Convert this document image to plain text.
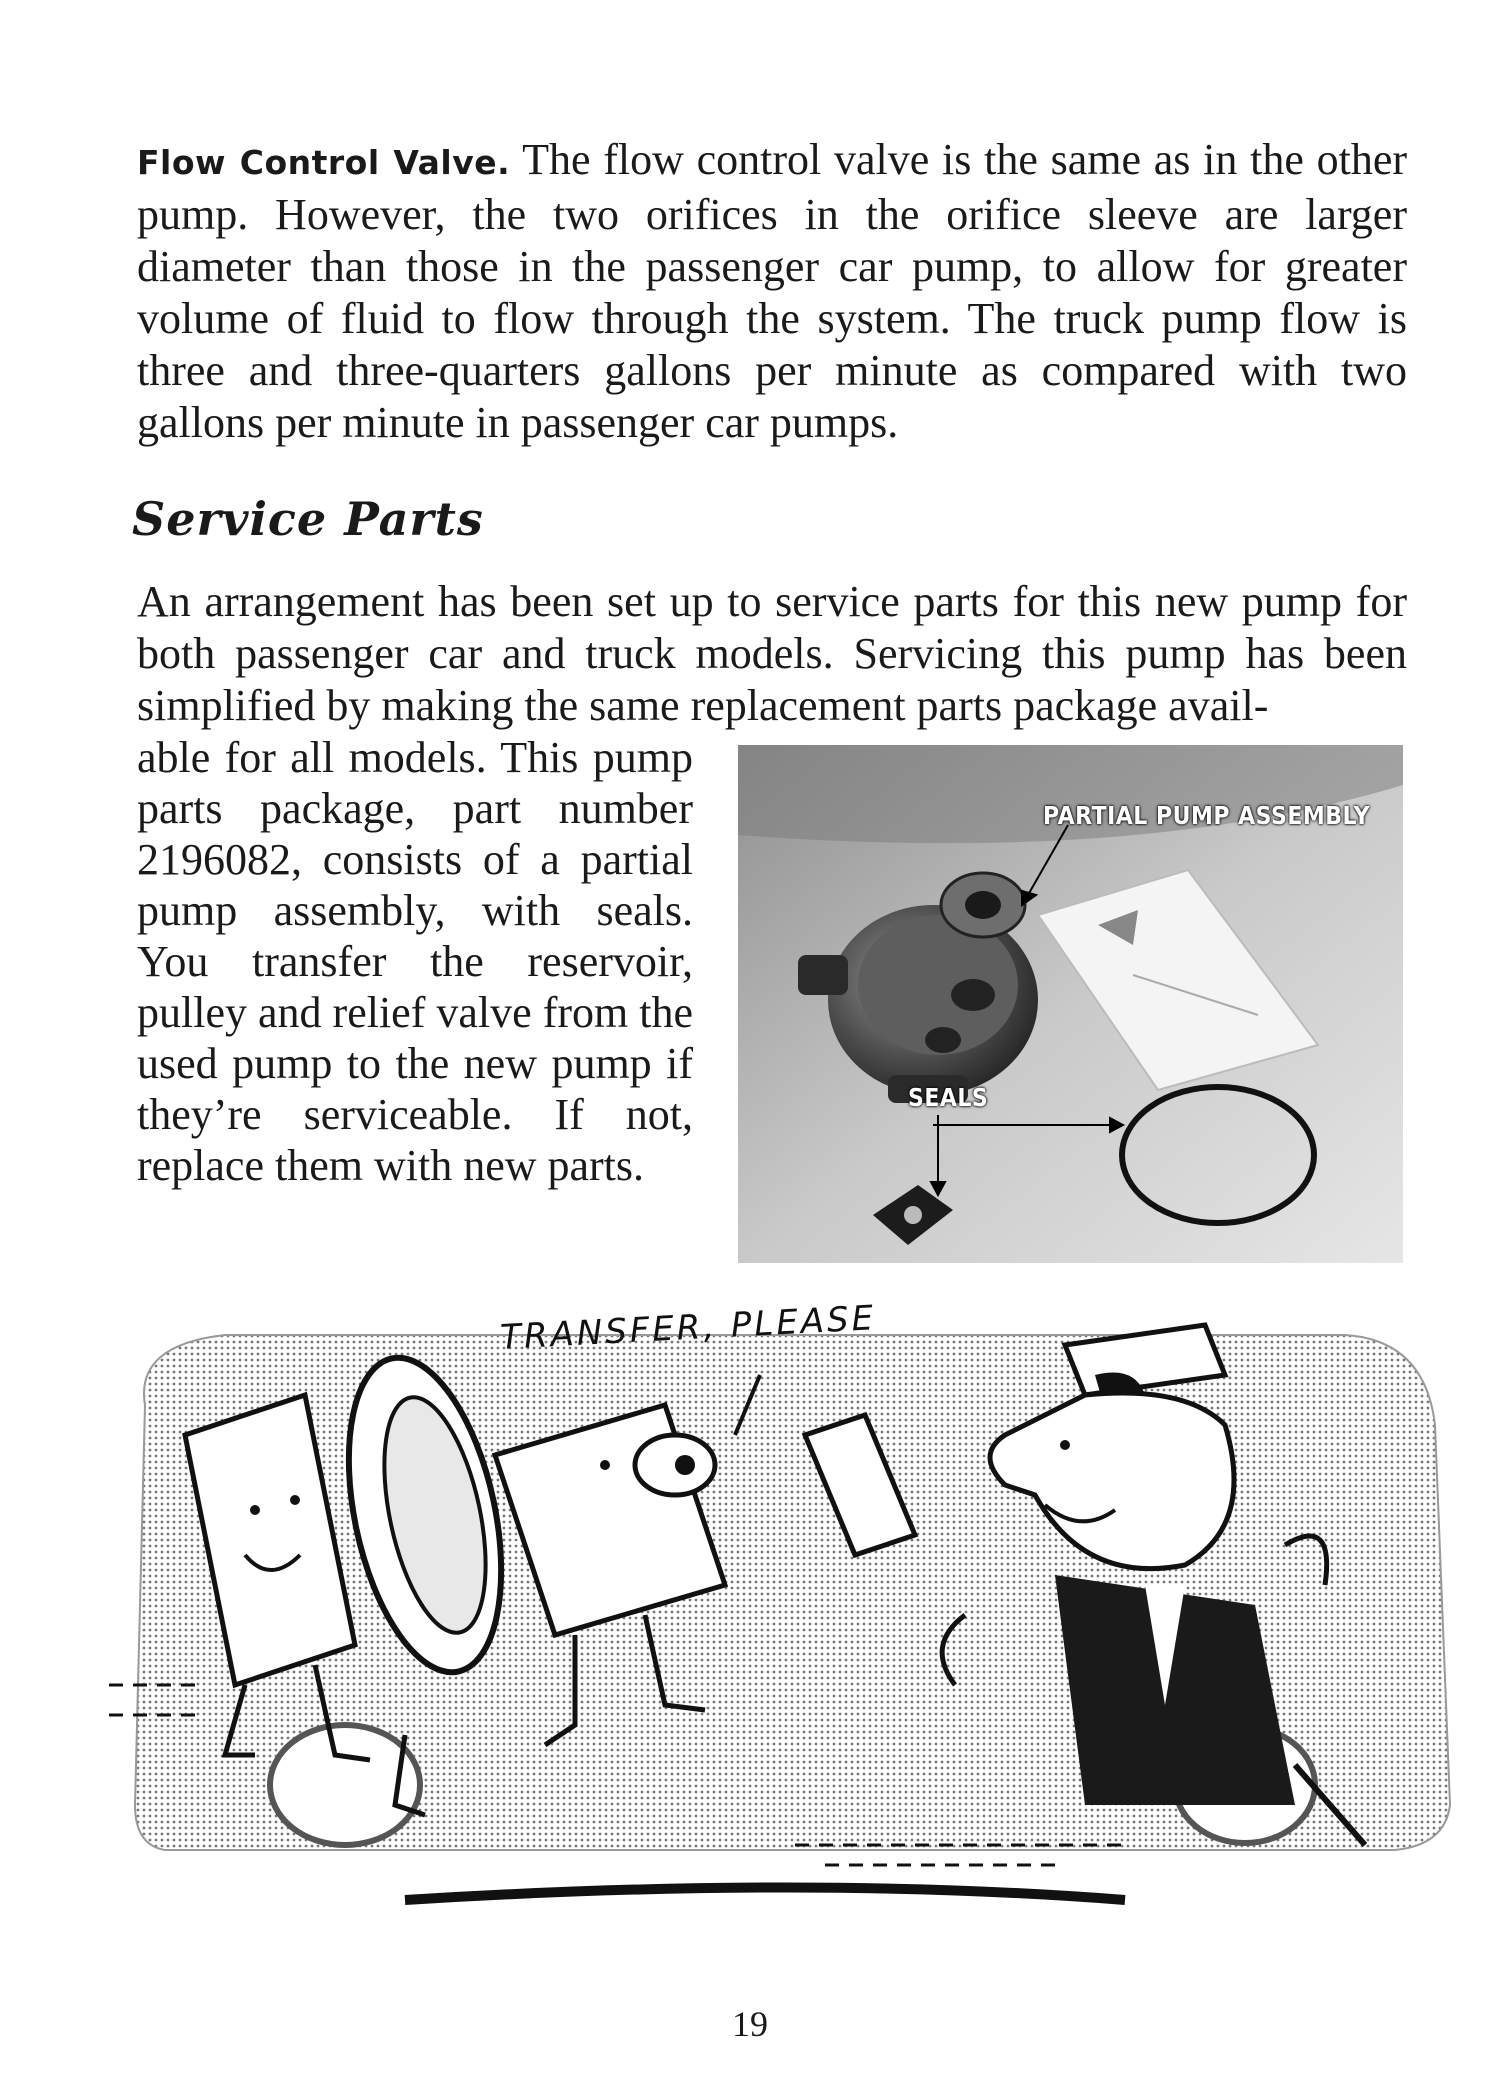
Flow Control Valve. The flow control valve is the same as in the other pump. However, the two orifices in the orifice sleeve are larger diameter than those in the passenger car pump, to allow for greater volume of fluid to flow through the system. The truck pump flow is three and three-quarters gallons per minute as compared with two gallons per minute in passenger car pumps.

Service Parts

An arrangement has been set up to service parts for this new pump for both passenger car and truck models. Servicing this pump has been simplified by making the same replacement parts package avail-

able for all models. This pump parts package, part number 2196082, consists of a partial pump assembly, with seals. You transfer the reservoir, pulley and relief valve from the used pump to the new pump if they’re serviceable. If not, replace them with new parts.

PARTIAL PUMP ASSEMBLY
SEALS
TRANSFER, PLEASE
19
